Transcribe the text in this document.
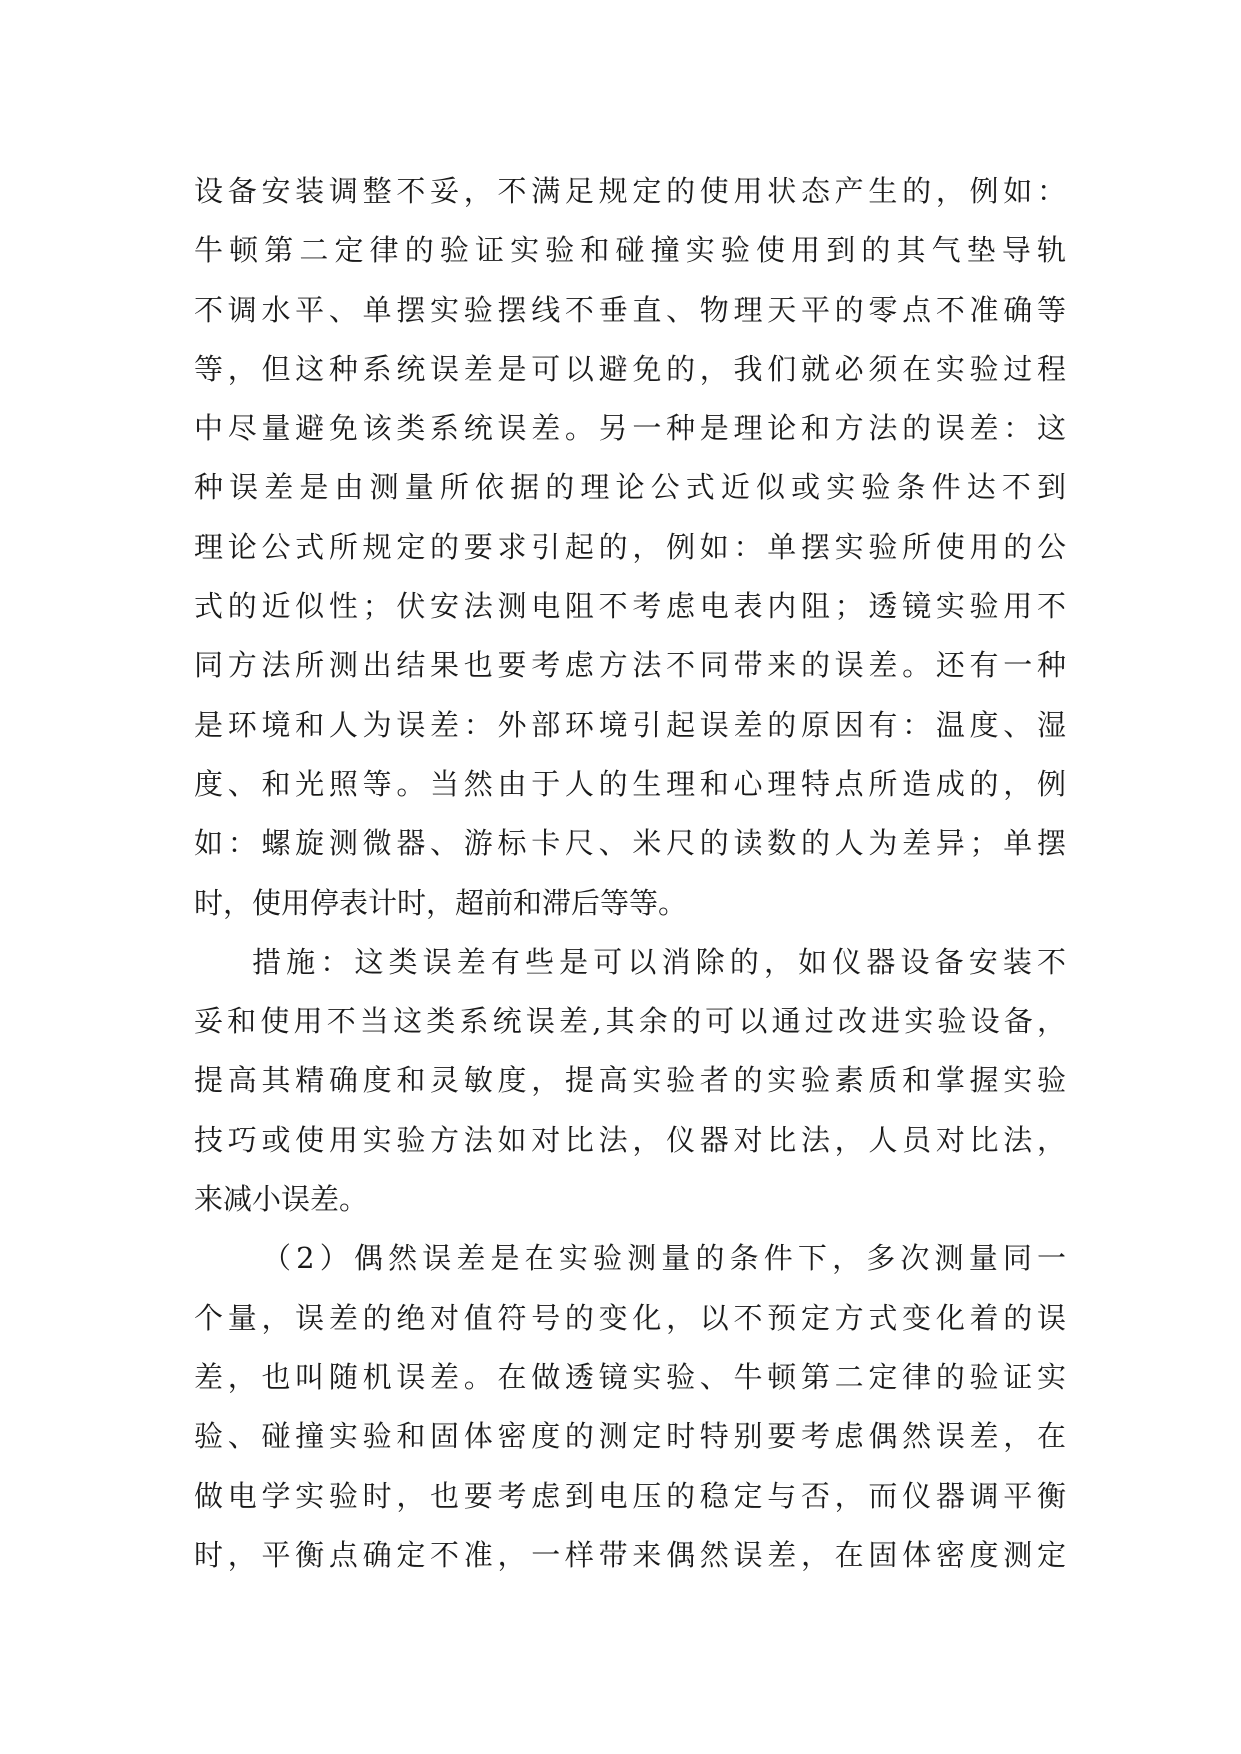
设备安装调整不妥，不满足规定的使用状态产生的，例如：
牛顿第二定律的验证实验和碰撞实验使用到的其气垫导轨
不调水平、单摆实验摆线不垂直、物理天平的零点不准确等
等，但这种系统误差是可以避免的，我们就必须在实验过程
中尽量避免该类系统误差。另一种是理论和方法的误差：这
种误差是由测量所依据的理论公式近似或实验条件达不到
理论公式所规定的要求引起的，例如：单摆实验所使用的公
式的近似性；伏安法测电阻不考虑电表内阻；透镜实验用不
同方法所测出结果也要考虑方法不同带来的误差。还有一种
是环境和人为误差：外部环境引起误差的原因有：温度、湿
度、和光照等。当然由于人的生理和心理特点所造成的，例
如：螺旋测微器、游标卡尺、米尺的读数的人为差异；单摆
时，使用停表计时，超前和滞后等等。
措施：这类误差有些是可以消除的，如仪器设备安装不
妥和使用不当这类系统误差,其余的可以通过改进实验设备，
提高其精确度和灵敏度，提高实验者的实验素质和掌握实验
技巧或使用实验方法如对比法，仪器对比法，人员对比法，
来减小误差。
（2）偶然误差是在实验测量的条件下，多次测量同一
个量，误差的绝对值符号的变化，以不预定方式变化着的误
差，也叫随机误差。在做透镜实验、牛顿第二定律的验证实
验、碰撞实验和固体密度的测定时特别要考虑偶然误差，在
做电学实验时，也要考虑到电压的稳定与否，而仪器调平衡
时，平衡点确定不准，一样带来偶然误差，在固体密度测定
